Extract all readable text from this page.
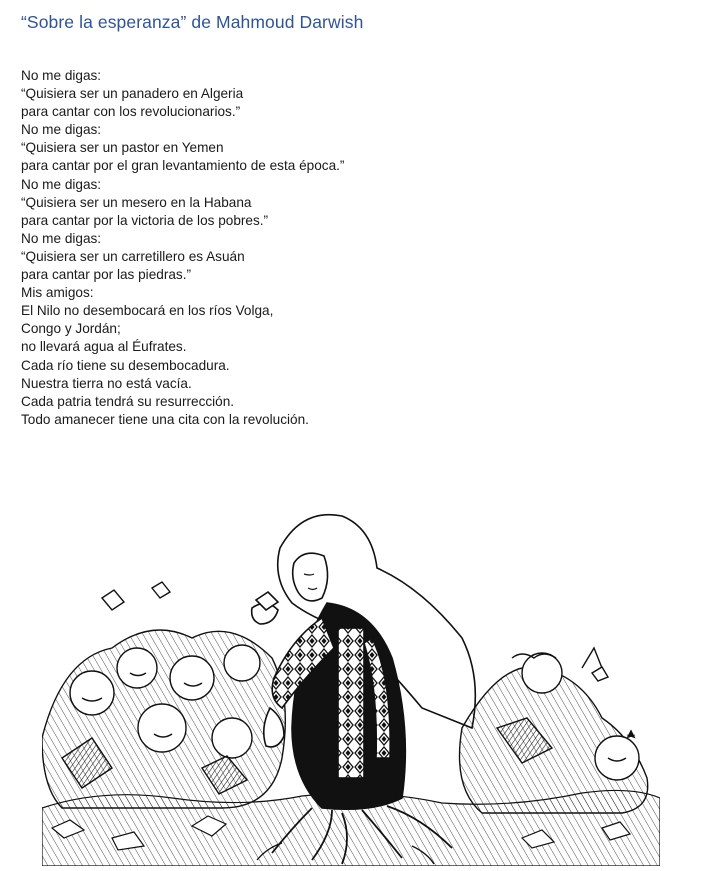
“Sobre la esperanza” de Mahmoud Darwish
No me digas:
“Quisiera ser un panadero en Algeria
para cantar con los revolucionarios.”
No me digas:
“Quisiera ser un pastor en Yemen
para cantar por el gran levantamiento de esta época.”
No me digas:
“Quisiera ser un mesero en la Habana
para cantar por la victoria de los pobres.”
No me digas:
“Quisiera ser un carretillero es Asuán
para cantar por las piedras.”
Mis amigos:
El Nilo no desembocará en los ríos Volga,
Congo y Jordán;
no llevará agua al Éufrates.
Cada río tiene su desembocadura.
Nuestra tierra no está vacía.
Cada patria tendrá su resurrección.
Todo amanecer tiene una cita con la revolución.
